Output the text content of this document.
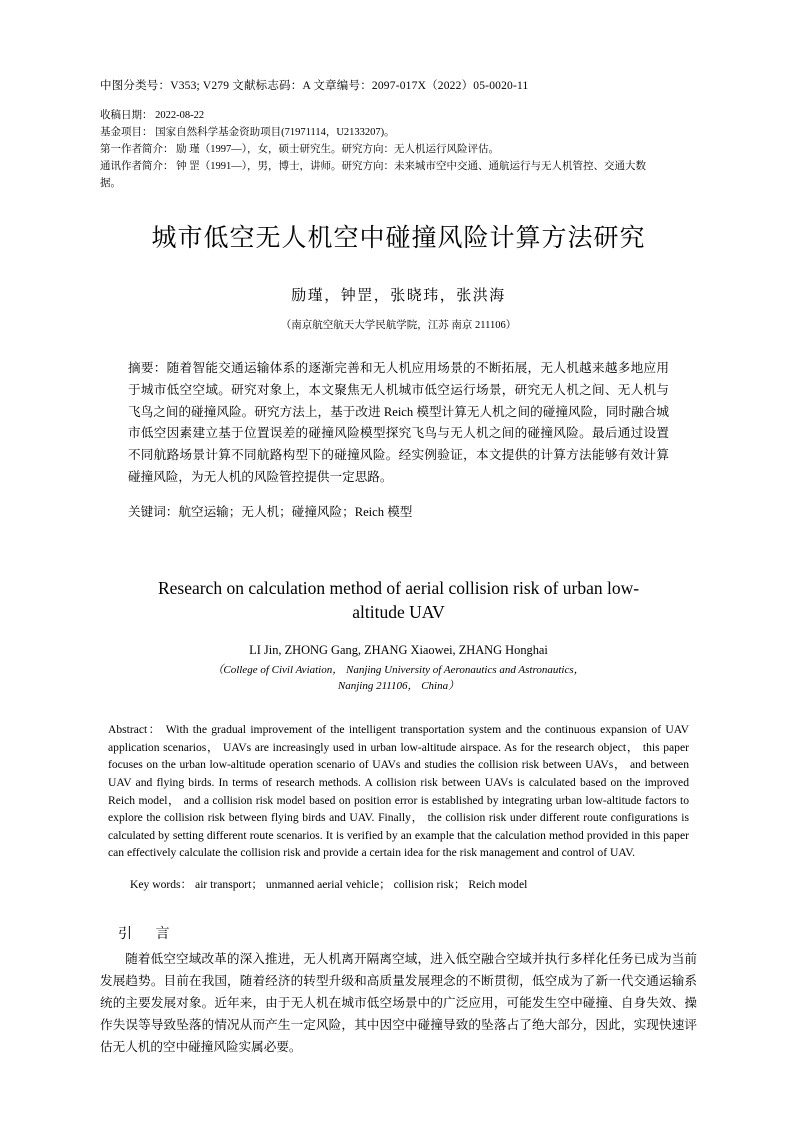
中图分类号：V353; V279 文献标志码：A 文章编号：2097-017X（2022）05-0020-11
收稿日期： 2022-08-22
基金项目： 国家自然科学基金资助项目(71971114，U2133207)。
第一作者简介： 励 瑾（1997—），女，硕士研究生。研究方向：无人机运行风险评估。
通讯作者简介： 钟 罡（1991—），男，博士，讲师。研究方向：未来城市空中交通、通航运行与无人机管控、交通大数
据。
城市低空无人机空中碰撞风险计算方法研究
励瑾，钟罡，张晓玮，张洪海
（南京航空航天大学民航学院，江苏 南京 211106）
摘要：随着智能交通运输体系的逐渐完善和无人机应用场景的不断拓展，无人机越来越多地应用于城市低空空域。研究对象上，本文聚焦无人机城市低空运行场景，研究无人机之间、无人机与飞鸟之间的碰撞风险。研究方法上，基于改进 Reich 模型计算无人机之间的碰撞风险，同时融合城市低空因素建立基于位置误差的碰撞风险模型探究飞鸟与无人机之间的碰撞风险。最后通过设置不同航路场景计算不同航路构型下的碰撞风险。经实例验证，本文提供的计算方法能够有效计算碰撞风险，为无人机的风险管控提供一定思路。
关键词：航空运输；无人机；碰撞风险；Reich 模型
Research on calculation method of aerial collision risk of urban low-altitude UAV
LI Jin, ZHONG Gang, ZHANG Xiaowei, ZHANG Honghai
（College of Civil Aviation， Nanjing University of Aeronautics and Astronautics，
Nanjing 211106， China）
Abstract： With the gradual improvement of the intelligent transportation system and the continuous expansion of UAV application scenarios， UAVs are increasingly used in urban low-altitude airspace. As for the research object， this paper focuses on the urban low-altitude operation scenario of UAVs and studies the collision risk between UAVs， and between UAV and flying birds. In terms of research methods. A collision risk between UAVs is calculated based on the improved Reich model， and a collision risk model based on position error is established by integrating urban low-altitude factors to explore the collision risk between flying birds and UAV. Finally， the collision risk under different route configurations is calculated by setting different route scenarios. It is verified by an example that the calculation method provided in this paper can effectively calculate the collision risk and provide a certain idea for the risk management and control of UAV.
Key words： air transport； unmanned aerial vehicle； collision risk； Reich model
引 言
随着低空空域改革的深入推进，无人机离开隔离空域，进入低空融合空域并执行多样化任务已成为当前发展趋势。目前在我国，随着经济的转型升级和高质量发展理念的不断贯彻，低空成为了新一代交通运输系统的主要发展对象。近年来，由于无人机在城市低空场景中的广泛应用，可能发生空中碰撞、自身失效、操作失误等导致坠落的情况从而产生一定风险，其中因空中碰撞导致的坠落占了绝大部分，因此，实现快速评估无人机的空中碰撞风险实属必要。
